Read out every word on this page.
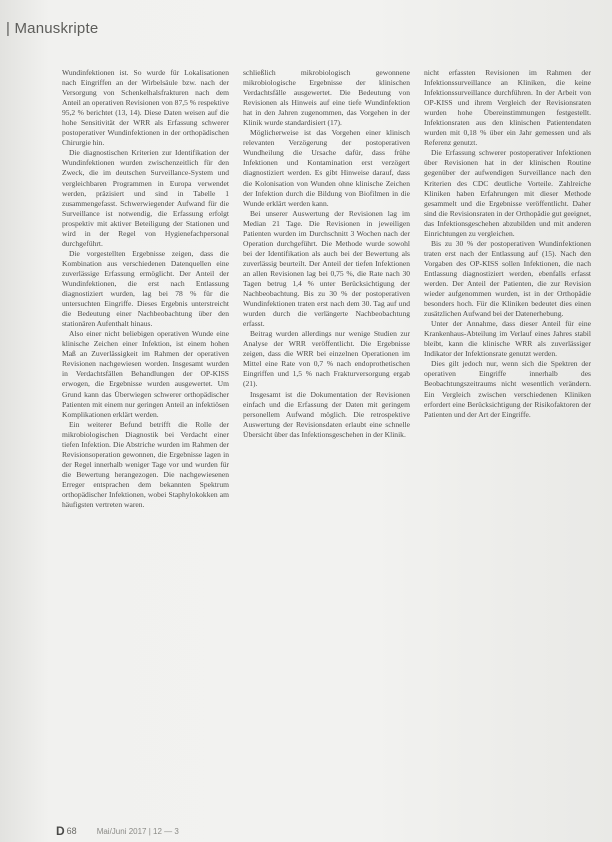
| Manuskripte

Wundinfektionen ist. So wurde für Lokalisationen nach Eingriffen an der Wirbelsäule bzw. nach der Versorgung von Schenkelhalsfrakturen nach dem Anteil an operativen Revisionen von 87,5 % respektive 95,2 % berichtet (13, 14). Diese Daten weisen auf die hohe Sensitivität der WRR als Erfassung schwerer postoperativer Wundinfektionen in der orthopädischen Chirurgie hin.

Die diagnostischen Kriterien zur Identifikation der Wundinfektionen wurden zwischenzeitlich für den Zweck, die im deutschen Surveillance-System und vergleichbaren Programmen in Europa verwendet werden, präzisiert und sind in Tabelle 1 zusammengefasst. Schwerwiegender Aufwand für die Surveillance ist notwendig, die Erfassung erfolgt prospektiv mit aktiver Beteiligung der Stationen und wird in der Regel von Hygienefachpersonal durchgeführt.

Die vorgestellten Ergebnisse zeigen, dass die Kombination aus verschiedenen Datenquellen eine zuverlässige Erfassung ermöglicht. Der Anteil der Wundinfektionen, die erst nach Entlassung diagnostiziert wurden, lag bei 78 % für die untersuchten Eingriffe. Dieses Ergebnis unterstreicht die Bedeutung einer Nachbeobachtung über den stationären Aufenthalt hinaus.

Also einer nicht beliebigen operativen Wunde eine klinische Zeichen einer Infektion, ist einem hohen Maß an Zuverlässigkeit im Rahmen der operativen Revisionen nachgewiesen worden. Insgesamt wurden in Verdachtsfällen Behandlungen der OP-KISS erwogen, die Ergebnisse wurden ausgewertet. Um Grund kann das Überwiegen schwerer orthopädischer Patienten mit einem nur geringen Anteil an infektiösen Komplikationen erklärt werden.

Ein weiterer Befund betrifft die Rolle der mikrobiologischen Diagnostik bei Verdacht einer tiefen Infektion. Die Abstriche wurden im Rahmen der Revisionsoperation gewonnen, die Ergebnisse lagen in der Regel innerhalb weniger Tage vor und wurden für die Bewertung herangezogen. Die nachgewiesenen Erreger entsprachen dem bekannten Spektrum orthopädischer Infektionen, wobei Staphylokokken am häufigsten vertreten waren.

schließlich mikrobiologisch gewonnene mikrobiologische Ergebnisse der klinischen Verdachtsfälle ausgewertet. Die Bedeutung von Revisionen als Hinweis auf eine tiefe Wundinfektion hat in den Jahren zugenommen, das Vorgehen in der Klinik wurde standardisiert (17).

Möglicherweise ist das Vorgehen einer klinisch relevanten Verzögerung der postoperativen Wundheilung die Ursache dafür, dass frühe Infektionen und Kontamination erst verzögert diagnostiziert werden. Es gibt Hinweise darauf, dass die Kolonisation von Wunden ohne klinische Zeichen der Infektion durch die Bildung von Biofilmen in die Wunde erklärt werden kann.

Bei unserer Auswertung der Revisionen lag im Median 21 Tage. Die Revisionen in jeweiligen Patienten wurden im Durchschnitt 3 Wochen nach der Operation durchgeführt. Die Methode wurde sowohl bei der Identifikation als auch bei der Bewertung als zuverlässig beurteilt. Der Anteil der tiefen Infektionen an allen Revisionen lag bei 0,75 %, die Rate nach 30 Tagen betrug 1,4 % unter Berücksichtigung der Nachbeobachtung. Bis zu 30 % der postoperativen Wundinfektionen traten erst nach dem 30. Tag auf und wurden durch die verlängerte Nachbeobachtung erfasst.

Beitrag wurden allerdings nur wenige Studien zur Analyse der WRR veröffentlicht. Die Ergebnisse zeigen, dass die WRR bei einzelnen Operationen im Mittel eine Rate von 0,7 % nach endoprothetischen Eingriffen und 1,5 % nach Frakturversorgung ergab (21).

Insgesamt ist die Dokumentation der Revisionen einfach und die Erfassung der Daten mit geringem personellem Aufwand möglich. Die retrospektive Auswertung der Revisionsdaten erlaubt eine schnelle Übersicht über das Infektionsgeschehen in der Klinik.

nicht erfassten Revisionen im Rahmen der Infektionssurveillance an Kliniken, die keine Infektionssurveillance durchführen. In der Arbeit von OP-KISS und ihrem Vergleich der Revisionsraten wurden hohe Übereinstimmungen festgestellt. Infektionsraten aus den klinischen Patientendaten wurden mit 0,18 % über ein Jahr gemessen und als Referenz genutzt.

Die Erfassung schwerer postoperativer Infektionen über Revisionen hat in der klinischen Routine gegenüber der aufwendigen Surveillance nach den Kriterien des CDC deutliche Vorteile. Zahlreiche Kliniken haben Erfahrungen mit dieser Methode gesammelt und die Ergebnisse veröffentlicht. Daher sind die Revisionsraten in der Orthopädie gut geeignet, das Infektionsgeschehen abzubilden und mit anderen Einrichtungen zu vergleichen.

Bis zu 30 % der postoperativen Wundinfektionen traten erst nach der Entlassung auf (15). Nach den Vorgaben des OP-KISS sollen Infektionen, die nach Entlassung diagnostiziert werden, ebenfalls erfasst werden. Der Anteil der Patienten, die zur Revision wieder aufgenommen wurden, ist in der Orthopädie besonders hoch. Für die Kliniken bedeutet dies einen zusätzlichen Aufwand bei der Datenerhebung.

Unter der Annahme, dass dieser Anteil für eine Krankenhaus-Abteilung im Verlauf eines Jahres stabil bleibt, kann die klinische WRR als zuverlässiger Indikator der Infektionsrate genutzt werden.

Dies gilt jedoch nur, wenn sich die Spektren der operativen Eingriffe innerhalb des Beobachtungszeitraums nicht wesentlich verändern. Ein Vergleich zwischen verschiedenen Kliniken erfordert eine Berücksichtigung der Risikofaktoren der Patienten und der Art der Eingriffe.

D 68	Mai/Juni 2017 | 12 — 3
